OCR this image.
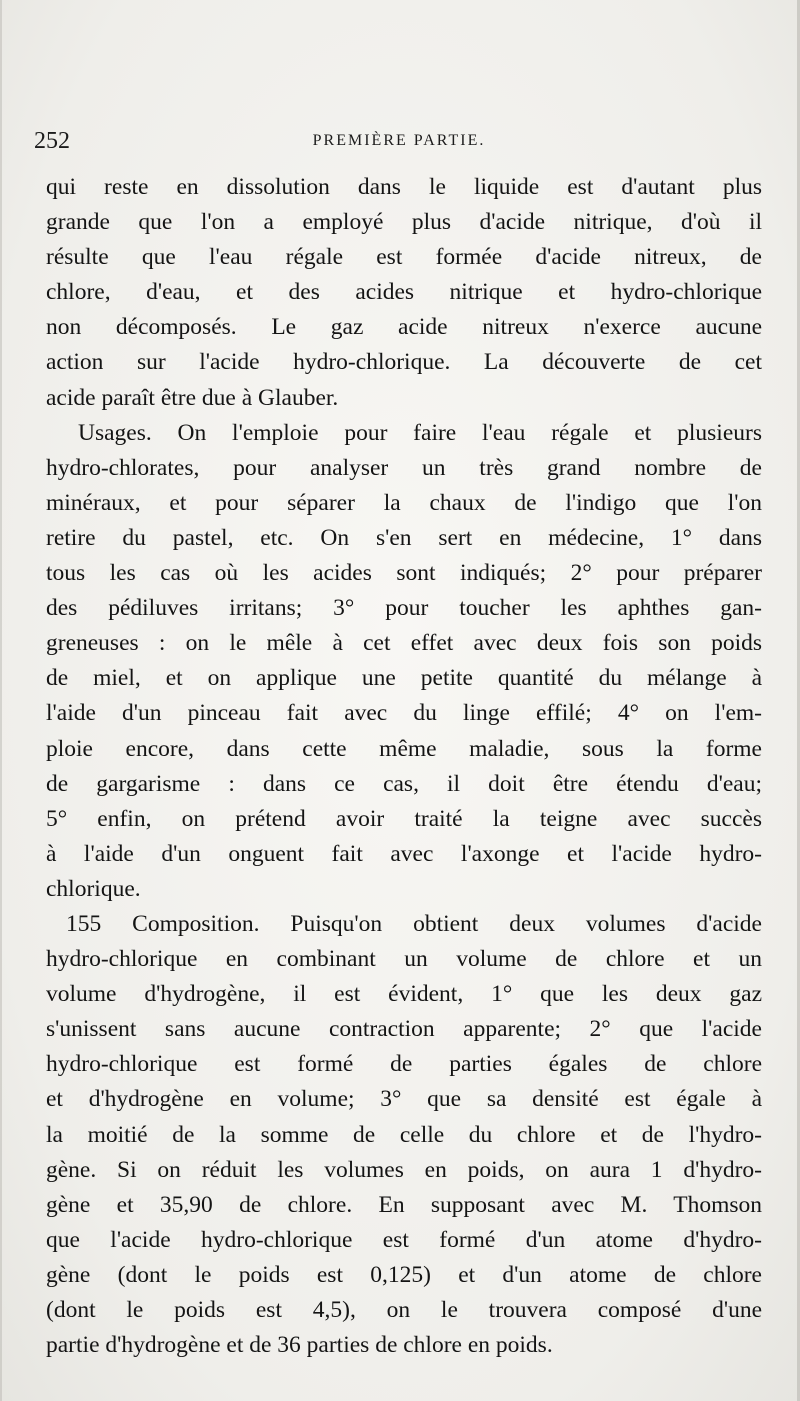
252	PREMIÈRE PARTIE.
qui reste en dissolution dans le liquide est d'autant plus
grande que l'on a employé plus d'acide nitrique, d'où il
résulte que l'eau régale est formée d'acide nitreux, de
chlore, d'eau, et des acides nitrique et hydro-chlorique
non décomposés. Le gaz acide nitreux n'exerce aucune
action sur l'acide hydro-chlorique. La découverte de cet
acide paraît être due à Glauber.
Usages. On l'emploie pour faire l'eau régale et plusieurs
hydro-chlorates, pour analyser un très grand nombre de
minéraux, et pour séparer la chaux de l'indigo que l'on
retire du pastel, etc. On s'en sert en médecine, 1° dans
tous les cas où les acides sont indiqués; 2° pour préparer
des pédiluves irritans; 3° pour toucher les aphthes gan-
greneuses : on le mêle à cet effet avec deux fois son poids
de miel, et on applique une petite quantité du mélange à
l'aide d'un pinceau fait avec du linge effilé; 4° on l'em-
ploie encore, dans cette même maladie, sous la forme
de gargarisme : dans ce cas, il doit être étendu d'eau;
5° enfin, on prétend avoir traité la teigne avec succès
à l'aide d'un onguent fait avec l'axonge et l'acide hydro-
chlorique.
155 Composition. Puisqu'on obtient deux volumes d'acide
hydro-chlorique en combinant un volume de chlore et un
volume d'hydrogène, il est évident, 1° que les deux gaz
s'unissent sans aucune contraction apparente; 2° que l'acide
hydro-chlorique est formé de parties égales de chlore
et d'hydrogène en volume; 3° que sa densité est égale à
la moitié de la somme de celle du chlore et de l'hydro-
gène. Si on réduit les volumes en poids, on aura 1 d'hydro-
gène et 35,90 de chlore. En supposant avec M. Thomson
que l'acide hydro-chlorique est formé d'un atome d'hydro-
gène (dont le poids est 0,125) et d'un atome de chlore
(dont le poids est 4,5), on le trouvera composé d'une
partie d'hydrogène et de 36 parties de chlore en poids.
